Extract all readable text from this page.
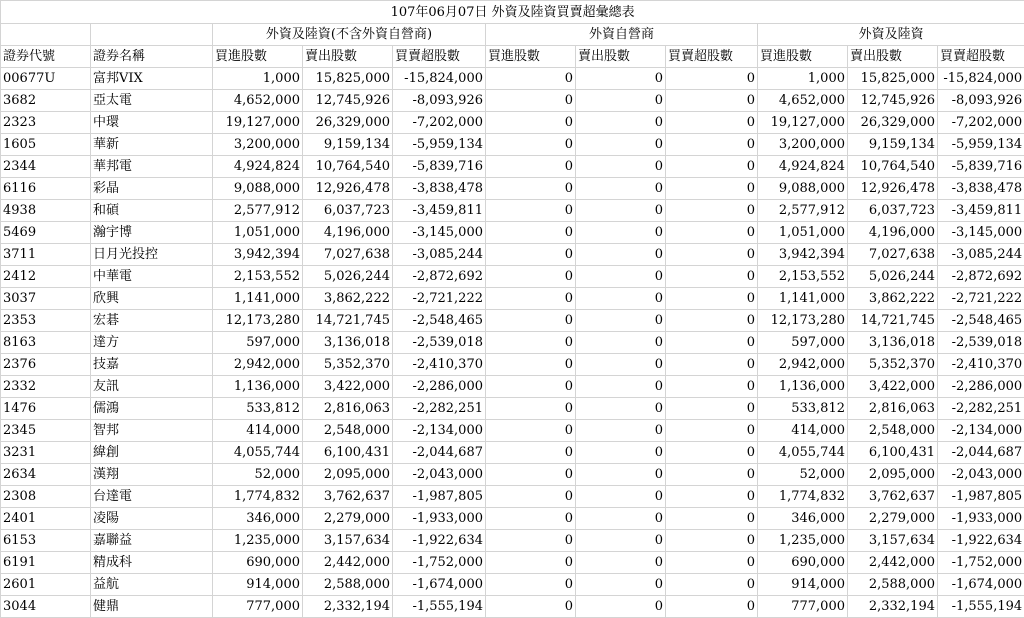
107年06月07日 外資及陸資買賣超彙總表										
		外資及陸資(不含外資自營商)			外資自營商			外資及陸資		
證券代號	證券名稱	買進股數	賣出股數	買賣超股數	買進股數	賣出股數	買賣超股數	買進股數	賣出股數	買賣超股數
00677U	富邦VIX	1,000	15,825,000	-15,824,000	0	0	0	1,000	15,825,000	-15,824,000
3682	亞太電	4,652,000	12,745,926	-8,093,926	0	0	0	4,652,000	12,745,926	-8,093,926
2323	中環	19,127,000	26,329,000	-7,202,000	0	0	0	19,127,000	26,329,000	-7,202,000
1605	華新	3,200,000	9,159,134	-5,959,134	0	0	0	3,200,000	9,159,134	-5,959,134
2344	華邦電	4,924,824	10,764,540	-5,839,716	0	0	0	4,924,824	10,764,540	-5,839,716
6116	彩晶	9,088,000	12,926,478	-3,838,478	0	0	0	9,088,000	12,926,478	-3,838,478
4938	和碩	2,577,912	6,037,723	-3,459,811	0	0	0	2,577,912	6,037,723	-3,459,811
5469	瀚宇博	1,051,000	4,196,000	-3,145,000	0	0	0	1,051,000	4,196,000	-3,145,000
3711	日月光投控	3,942,394	7,027,638	-3,085,244	0	0	0	3,942,394	7,027,638	-3,085,244
2412	中華電	2,153,552	5,026,244	-2,872,692	0	0	0	2,153,552	5,026,244	-2,872,692
3037	欣興	1,141,000	3,862,222	-2,721,222	0	0	0	1,141,000	3,862,222	-2,721,222
2353	宏碁	12,173,280	14,721,745	-2,548,465	0	0	0	12,173,280	14,721,745	-2,548,465
8163	達方	597,000	3,136,018	-2,539,018	0	0	0	597,000	3,136,018	-2,539,018
2376	技嘉	2,942,000	5,352,370	-2,410,370	0	0	0	2,942,000	5,352,370	-2,410,370
2332	友訊	1,136,000	3,422,000	-2,286,000	0	0	0	1,136,000	3,422,000	-2,286,000
1476	儒鴻	533,812	2,816,063	-2,282,251	0	0	0	533,812	2,816,063	-2,282,251
2345	智邦	414,000	2,548,000	-2,134,000	0	0	0	414,000	2,548,000	-2,134,000
3231	緯創	4,055,744	6,100,431	-2,044,687	0	0	0	4,055,744	6,100,431	-2,044,687
2634	漢翔	52,000	2,095,000	-2,043,000	0	0	0	52,000	2,095,000	-2,043,000
2308	台達電	1,774,832	3,762,637	-1,987,805	0	0	0	1,774,832	3,762,637	-1,987,805
2401	凌陽	346,000	2,279,000	-1,933,000	0	0	0	346,000	2,279,000	-1,933,000
6153	嘉聯益	1,235,000	3,157,634	-1,922,634	0	0	0	1,235,000	3,157,634	-1,922,634
6191	精成科	690,000	2,442,000	-1,752,000	0	0	0	690,000	2,442,000	-1,752,000
2601	益航	914,000	2,588,000	-1,674,000	0	0	0	914,000	2,588,000	-1,674,000
3044	健鼎	777,000	2,332,194	-1,555,194	0	0	0	777,000	2,332,194	-1,555,194
